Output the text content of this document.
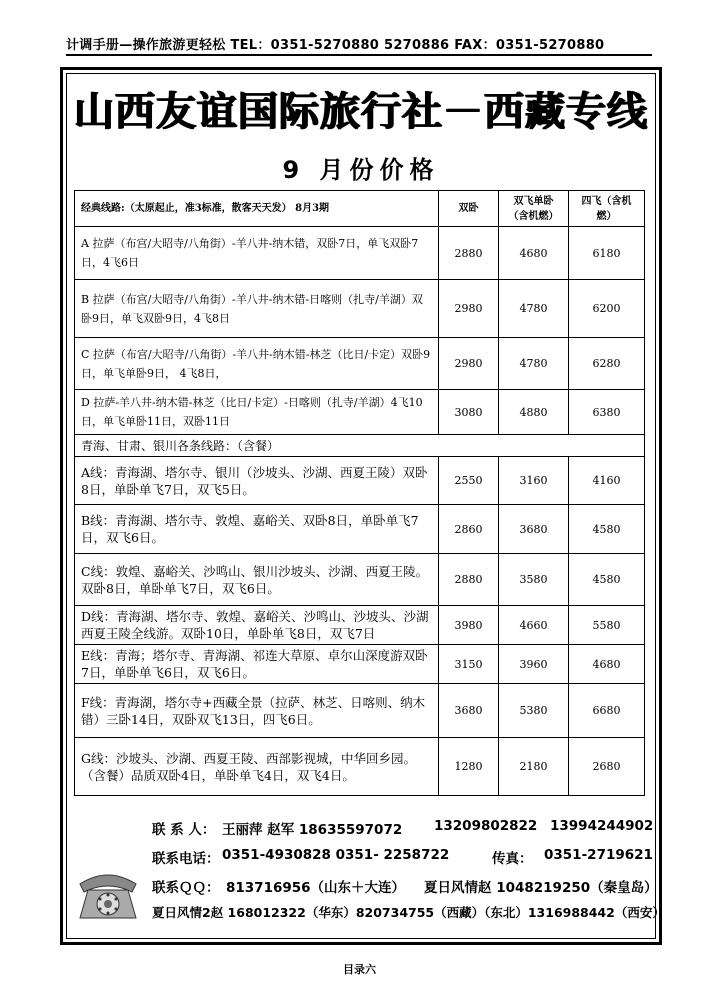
计调手册—操作旅游更轻松 TEL：0351-5270880 5270886 FAX：0351-5270880
山西友谊国际旅行社－西藏专线
9 月份价格
经典线路:（太原起止，准3标准，散客天天发） 8月3期	双卧	双飞单卧（含机燃）	四飞（含机燃）
A 拉萨（布宫/大昭寺/八角街）-羊八井-纳木错，双卧7日，单飞双卧7日，4飞6日	2880	4680	6180
B 拉萨（布宫/大昭寺/八角街）-羊八井-纳木错-日喀则（扎寺/羊湖）双卧9日，单飞双卧9日，4飞8日	2980	4780	6200
C 拉萨（布宫/大昭寺/八角街）-羊八井-纳木错-林芝（比日/卡定）双卧9日，单飞单卧9日， 4飞8日，	2980	4780	6280
D 拉萨-羊八井-纳木错-林芝（比日/卡定）-日喀则（扎寺/羊湖）4飞10日，单飞单卧11日，双卧11日	3080	4880	6380
青海、甘肃、银川各条线路：（含餐）			
A线：青海湖、塔尔寺、银川（沙坡头、沙湖、西夏王陵）双卧8日，单卧单飞7日，双飞5日。	2550	3160	4160
B线：青海湖、塔尔寺、敦煌、嘉峪关、双卧8日，单卧单飞7日，双飞6日。	2860	3680	4580
C线：敦煌、嘉峪关、沙鸣山、银川沙坡头、沙湖、西夏王陵。双卧8日，单卧单飞7日，双飞6日。	2880	3580	4580
D线：青海湖、塔尔寺、敦煌、嘉峪关、沙鸣山、沙坡头、沙湖西夏王陵全线游。双卧10日，单卧单飞8日，双飞7日	3980	4660	5580
E线：青海；塔尔寺、青海湖、祁连大草原、卓尔山深度游双卧7日，单卧单飞6日，双飞6日。	3150	3960	4680
F线：青海湖，塔尔寺+西藏全景（拉萨、林芝、日喀则、纳木错）三卧14日，双卧双飞13日，四飞6日。	3680	5380	6680
G线：沙坡头、沙湖、西夏王陵、西部影视城，中华回乡园。（含餐）品质双卧4日，单卧单飞4日，双飞4日。	1280	2180	2680
联 系 人： 王丽萍 赵军 18635597072 13209802822 13994244902
联系电话： 0351-4930828 0351- 2258722	传真： 0351-2719621
联系ＱＱ： 813716956（山东＋大连） 夏日风情赵 1048219250（秦皇岛）
夏日风情2赵 168012322（华东）820734755（西藏）（东北）1316988442（西安）
目录六
